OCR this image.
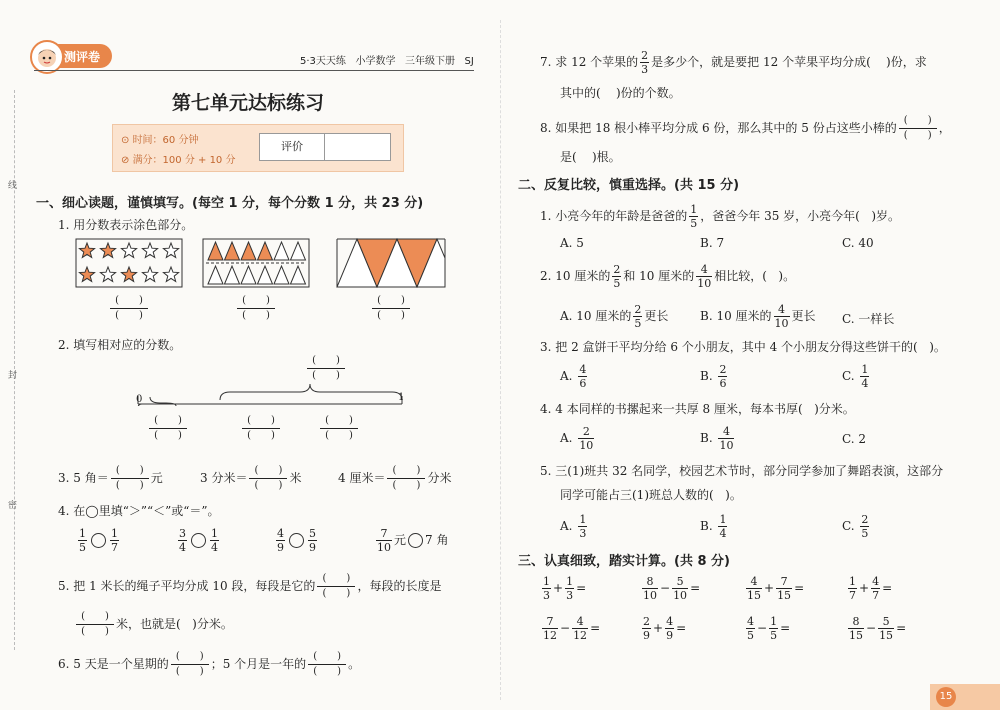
线
封
密
测评卷	5·3天天练 小学数学 三年级下册 SJ
第七单元达标练习
⊙ 时间：60 分钟
⊘ 满分：100 分 + 10 分
评价
一、细心读题，谨慎填写。(每空 1 分，每个分数 1 分，共 23 分)
1. 用分数表示涂色部分。
(　　)
(　　)
(　　)
(　　)
(　　)
(　　)
2. 填写相对应的分数。
0	1
(　　)
(　　)
(　　)
(　　)
(　　)
(　　)
(　　)
(　　)
3. 5 角＝
(　　)
(　　)
元	3 分米＝
(　　)
(　　)
米	4 厘米＝
(　　)
(　　)
分米
4. 在◯里填“＞”“＜”或“＝”。
$\frac{1}{5} \frac{1}{7}$	$\frac{3}{4} \frac{1}{4}$	$\frac{4}{9} \frac{5}{9}$	$\frac{7}{10}$ 元 7 角
5. 把 1 米长的绳子平均分成 10 段，每段是它的
(　　)
(　　)
，每段的长度是
(　　)
(　　)
米，也就是( )分米。
6. 5 天是一个星期的
(　　)
(　　)
；5 个月是一年的
(　　)
(　　)
。
7. 求 12 个苹果的 $\frac{2}{3}$ 是多少个，就是要把 12 个苹果平均分成( )份，求
其中的( )份的个数。
8. 如果把 18 根小棒平均分成 6 份，那么其中的 5 份占这些小棒的
(　　)
(　　)
，
是( )根。
二、反复比较，慎重选择。(共 15 分)
1. 小亮今年的年龄是爸爸的 $\frac{1}{5}$ ，爸爸今年 35 岁，小亮今年( )岁。
A. 5	B. 7	C. 40
2. 10 厘米的 $\frac{2}{5}$ 和 10 厘米的 $\frac{4}{10}$ 相比较，( )。
A. 10 厘米的 $\frac{2}{5}$ 更长	B. 10 厘米的 $\frac{4}{10}$ 更长 C. 一样长
3. 把 2 盒饼干平均分给 6 个小朋友，其中 4 个小朋友分得这些饼干的( )。
A. $\frac{4}{6}$	B. $\frac{2}{6}$	C. $\frac{1}{4}$
4. 4 本同样的书摞起来一共厚 8 厘米，每本书厚( )分米。
A. $\frac{2}{10}$	B. $\frac{4}{10}$	C. 2
5. 三(1)班共 32 名同学，校园艺术节时，部分同学参加了舞蹈表演，这部分
同学可能占三(1)班总人数的( )。
A. $\frac{1}{3}$	B. $\frac{1}{4}$	C. $\frac{2}{5}$
三、认真细致，踏实计算。(共 8 分)
$\frac{1}{3} + \frac{1}{3}$ =	$\frac{8}{10} - \frac{5}{10}$ =	$\frac{4}{15} + \frac{7}{15}$ =	$\frac{1}{7} + \frac{4}{7}$ =
$\frac{7}{12} - \frac{4}{12}$ =	$\frac{2}{9} + \frac{4}{9}$ =	$\frac{4}{5} - \frac{1}{5}$ =	$\frac{8}{15} - \frac{5}{15}$ =
15
